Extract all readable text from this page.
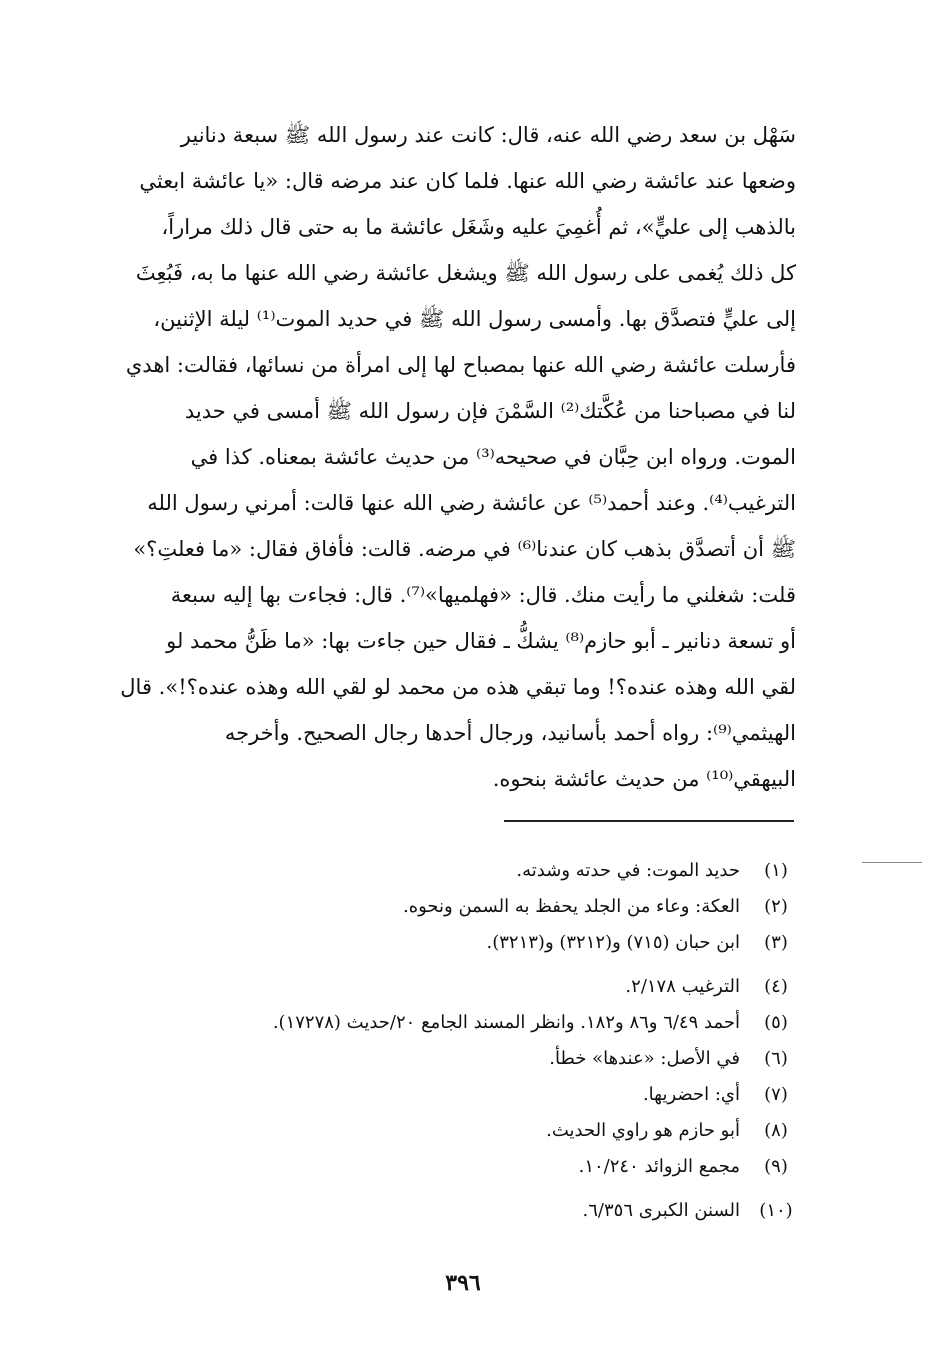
سَهْل بن سعد رضي الله عنه، قال: كانت عند رسول الله ﷺ سبعة دنانير
وضعها عند عائشة رضي الله عنها. فلما كان عند مرضه قال: «يا عائشة ابعثي
بالذهب إلى عليٍّ»، ثم أُغمِيَ عليه وشَغَل عائشة ما به حتى قال ذلك مراراً،
كل ذلك يُغمى على رسول الله ﷺ ويشغل عائشة رضي الله عنها ما به، فَبُعِثَ
إلى عليٍّ فتصدَّق بها. وأمسى رسول الله ﷺ في حديد الموت⁽¹⁾ ليلة الإثنين،
فأرسلت عائشة رضي الله عنها بمصباح لها إلى امرأة من نسائها، فقالت: اهدي
لنا في مصباحنا من عُكَّتك⁽²⁾ السَّمْنَ فإن رسول الله ﷺ أمسى في حديد
الموت. ورواه ابن حِبَّان في صحيحه⁽³⁾ من حديث عائشة بمعناه. كذا في
الترغيب⁽⁴⁾. وعند أحمد⁽⁵⁾ عن عائشة رضي الله عنها قالت: أمرني رسول الله
ﷺ أن أتصدَّق بذهب كان عندنا⁽⁶⁾ في مرضه. قالت: فأفاق فقال: «ما فعلتِ؟»
قلت: شغلني ما رأيت منك. قال: «فهلميها»⁽⁷⁾. قال: فجاءت بها إليه سبعة
أو تسعة دنانير ـ أبو حازم⁽⁸⁾ يشكُّ ـ فقال حين جاءت بها: «ما ظَنُّ محمد لو
لقي الله وهذه عنده؟! وما تبقي هذه من محمد لو لقي الله وهذه عنده؟!». قال
الهيثمي⁽⁹⁾: رواه أحمد بأسانيد، ورجال أحدها رجال الصحيح. وأخرجه
البيهقي⁽¹⁰⁾ من حديث عائشة بنحوه.
(١)
حديد الموت: في حدته وشدته.
(٢)
العكة: وعاء من الجلد يحفظ به السمن ونحوه.
(٣)
ابن حبان (٧١٥) و(٣٢١٢) و(٣٢١٣).
(٤)
الترغيب ٢/١٧٨.
(٥)
أحمد ٦/٤٩ و٨٦ و١٨٢. وانظر المسند الجامع ٢٠/حديث (١٧٢٧٨).
(٦)
في الأصل: «عندها» خطأ.
(٧)
أي: احضريها.
(٨)
أبو حازم هو راوي الحديث.
(٩)
مجمع الزوائد ١٠/٢٤٠.
(١٠)
السنن الكبرى ٦/٣٥٦.
٣٩٦
